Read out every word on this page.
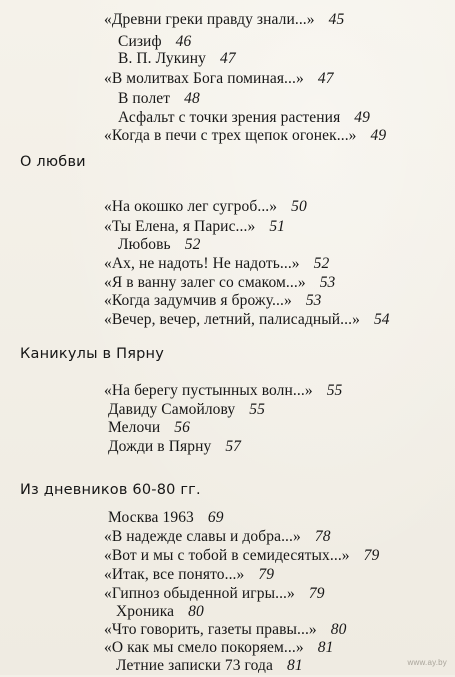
«Древни греки правду знали...» 45
Сизиф 46
В. П. Лукину 47
«В молитвах Бога поминая...» 47
В полет 48
Асфальт с точки зрения растения 49
«Когда в печи с трех щепок огонек...» 49
О любви
«На окошко лег сугроб...» 50
«Ты Елена, я Парис...» 51
Любовь 52
«Ах, не надоть! Не надоть...» 52
«Я в ванну залег со смаком...» 53
«Когда задумчив я брожу...» 53
«Вечер, вечер, летний, палисадный...» 54
Каникулы в Пярну
«На берегу пустынных волн...» 55
Давиду Самойлову 55
Мелочи 56
Дожди в Пярну 57
Из дневников 60-80 гг.
Москва 1963 69
«В надежде славы и добра...» 78
«Вот и мы с тобой в семидесятых...» 79
«Итак, все понято...» 79
«Гипноз обыденной игры...» 79
Хроника 80
«Что говорить, газеты правы...» 80
«О как мы смело покоряем...» 81
Летние записки 73 года 81	www.ay.by
